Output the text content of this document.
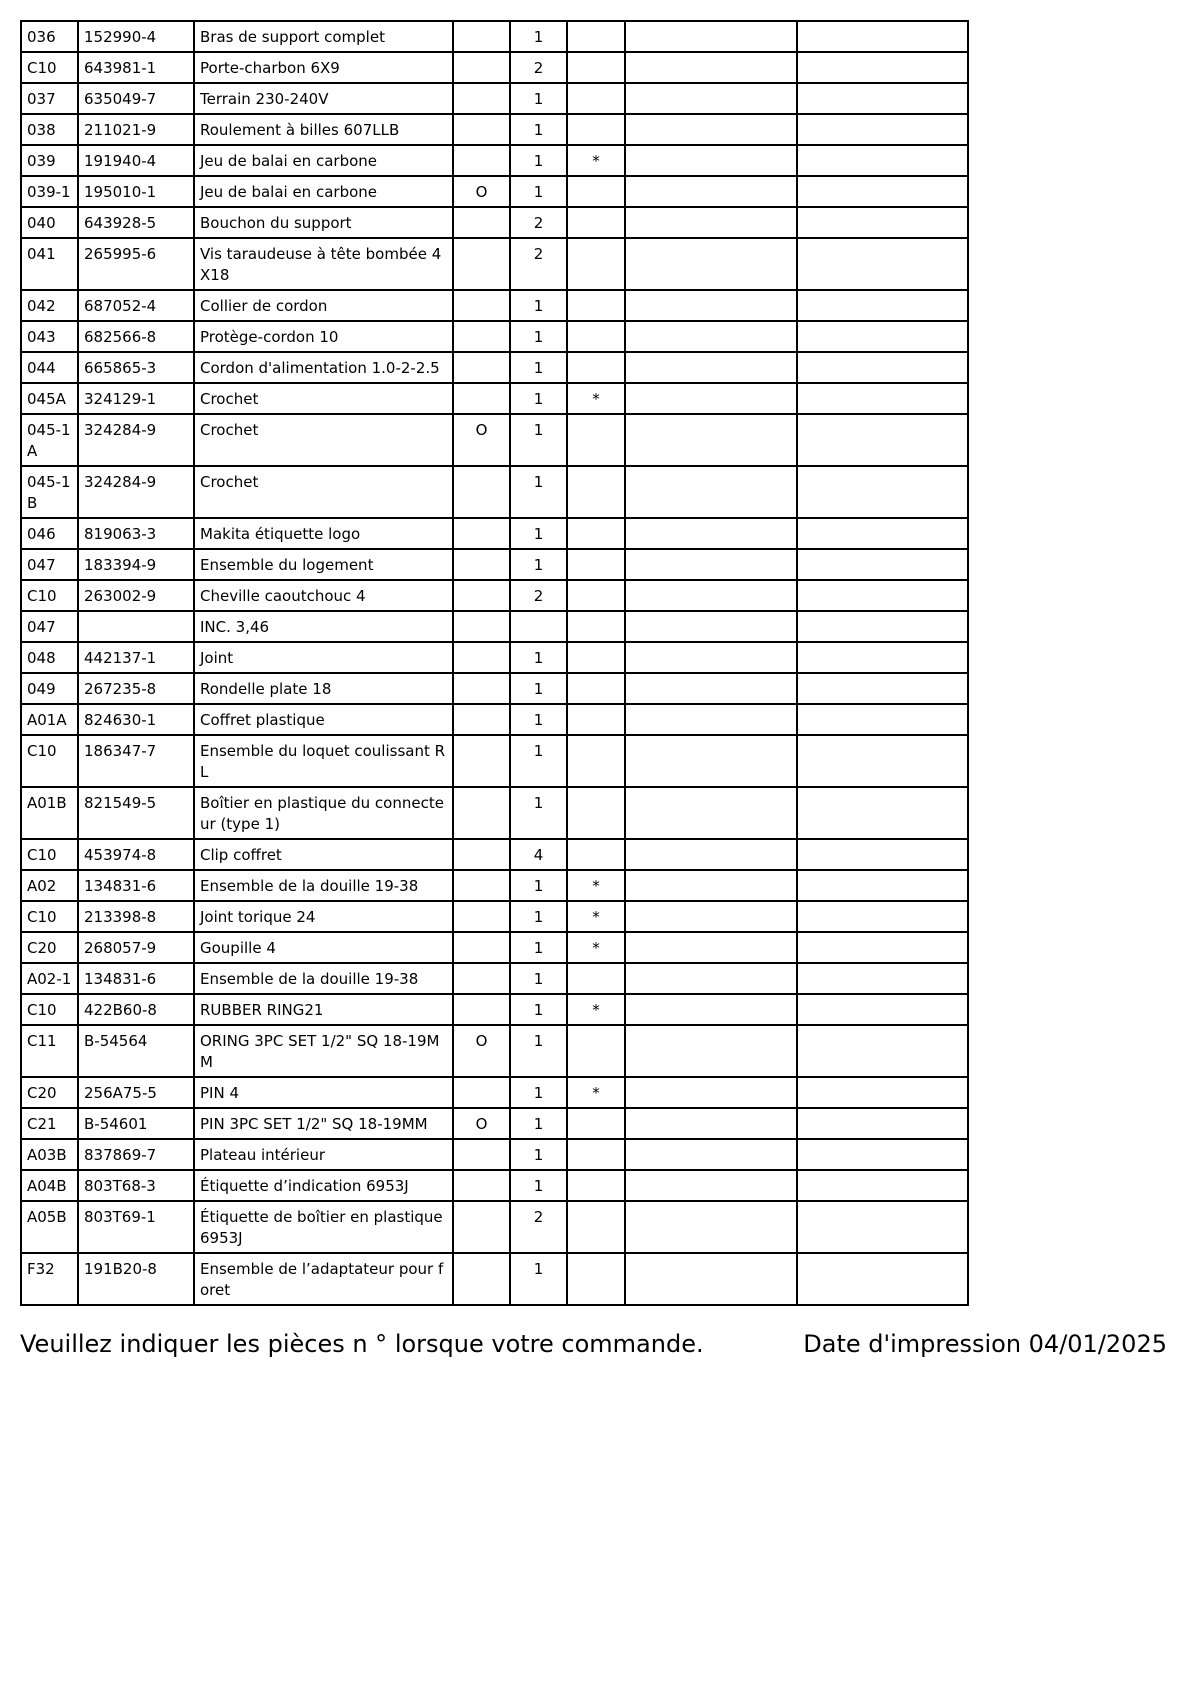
036	152990-4	Bras de support complet		1			
C10	643981-1	Porte-charbon 6X9		2			
037	635049-7	Terrain 230-240V		1			
038	211021-9	Roulement à billes 607LLB		1			
039	191940-4	Jeu de balai en carbone		1	*		
039-1	195010-1	Jeu de balai en carbone	O	1			
040	643928-5	Bouchon du support		2			
041	265995-6	Vis taraudeuse à tête bombée 4X18		2			
042	687052-4	Collier de cordon		1			
043	682566-8	Protège-cordon 10		1			
044	665865-3	Cordon d'alimentation 1.0-2-2.5		1			
045A	324129-1	Crochet		1	*		
045-1A	324284-9	Crochet	O	1			
045-1B	324284-9	Crochet		1			
046	819063-3	Makita étiquette logo		1			
047	183394-9	Ensemble du logement		1			
C10	263002-9	Cheville caoutchouc 4		2			
047		INC. 3,46					
048	442137-1	Joint		1			
049	267235-8	Rondelle plate 18		1			
A01A	824630-1	Coffret plastique		1			
C10	186347-7	Ensemble du loquet coulissant RL		1			
A01B	821549-5	Boîtier en plastique du connecteur (type 1)		1			
C10	453974-8	Clip coffret		4			
A02	134831-6	Ensemble de la douille 19-38		1	*		
C10	213398-8	Joint torique 24		1	*		
C20	268057-9	Goupille 4		1	*		
A02-1	134831-6	Ensemble de la douille 19-38		1			
C10	422B60-8	RUBBER RING21		1	*		
C11	B-54564	ORING 3PC SET 1/2" SQ 18-19MM	O	1			
C20	256A75-5	PIN 4		1	*		
C21	B-54601	PIN 3PC SET 1/2" SQ 18-19MM	O	1			
A03B	837869-7	Plateau intérieur		1			
A04B	803T68-3	Étiquette d’indication 6953J		1			
A05B	803T69-1	Étiquette de boîtier en plastique 6953J		2			
F32	191B20-8	Ensemble de l’adaptateur pour foret		1			
Veuillez indiquer les pièces n ° lorsque votre commande.	Date d'impression 04/01/2025
